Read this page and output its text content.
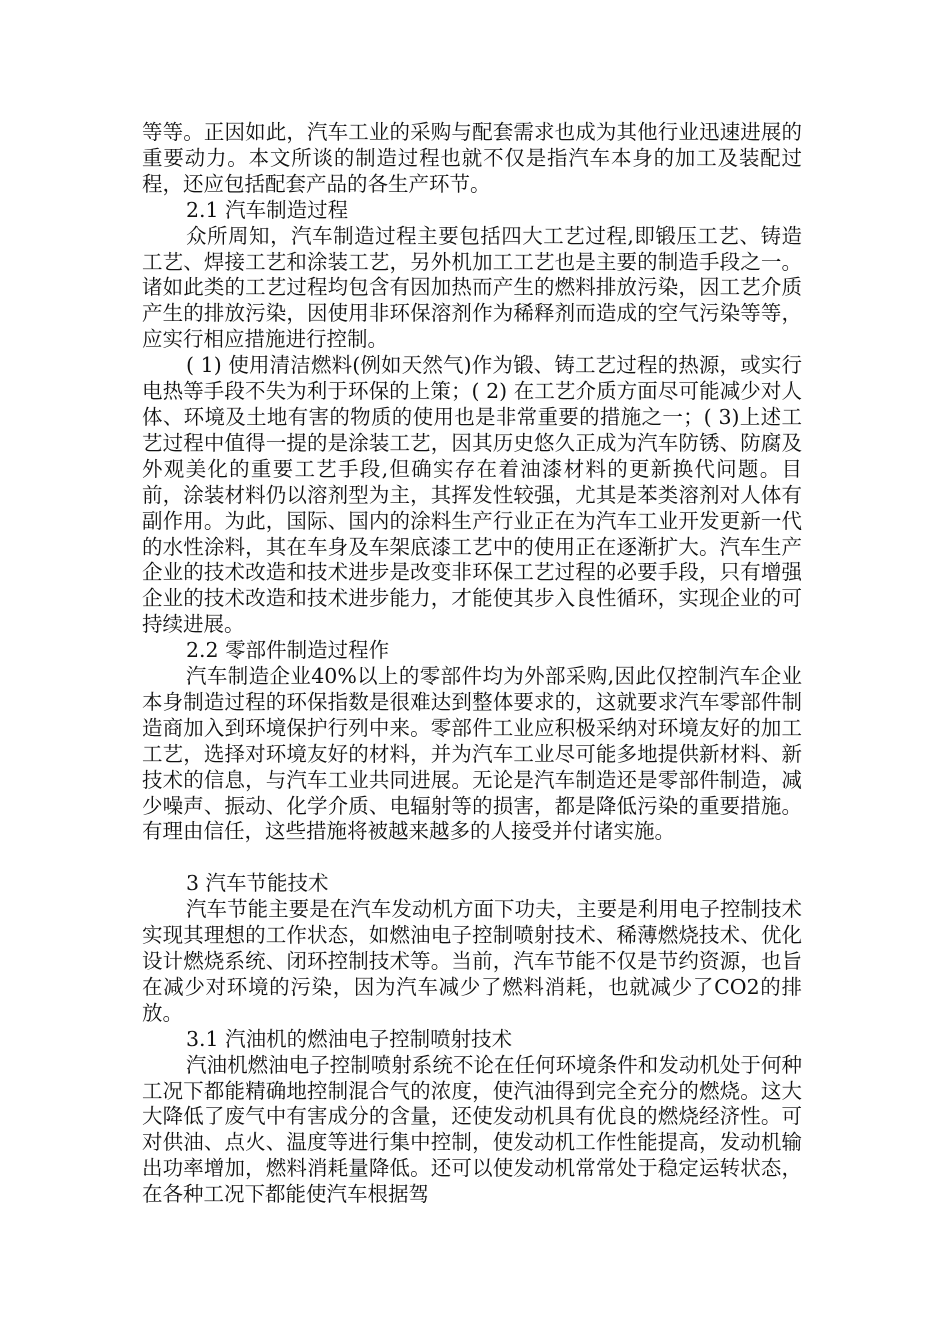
等等。正因如此，汽车工业的采购与配套需求也成为其他行业迅速进展的重要动力。本文所谈的制造过程也就不仅是指汽车本身的加工及装配过程，还应包括配套产品的各生产环节。

2.1 汽车制造过程

众所周知，汽车制造过程主要包括四大工艺过程,即锻压工艺、铸造工艺、焊接工艺和涂装工艺，另外机加工工艺也是主要的制造手段之一。诸如此类的工艺过程均包含有因加热而产生的燃料排放污染，因工艺介质产生的排放污染，因使用非环保溶剂作为稀释剂而造成的空气污染等等，应实行相应措施进行控制。

( 1) 使用清洁燃料(例如天然气)作为锻、铸工艺过程的热源，或实行电热等手段不失为利于环保的上策；( 2) 在工艺介质方面尽可能减少对人体、环境及土地有害的物质的使用也是非常重要的措施之一；( 3)上述工艺过程中值得一提的是涂装工艺，因其历史悠久正成为汽车防锈、防腐及外观美化的重要工艺手段,但确实存在着油漆材料的更新换代问题。目前，涂装材料仍以溶剂型为主，其挥发性较强，尤其是苯类溶剂对人体有副作用。为此，国际、国内的涂料生产行业正在为汽车工业开发更新一代的水性涂料，其在车身及车架底漆工艺中的使用正在逐渐扩大。汽车生产企业的技术改造和技术进步是改变非环保工艺过程的必要手段，只有增强企业的技术改造和技术进步能力，才能使其步入良性循环，实现企业的可持续进展。

2.2 零部件制造过程作

汽车制造企业40%以上的零部件均为外部采购,因此仅控制汽车企业本身制造过程的环保指数是很难达到整体要求的，这就要求汽车零部件制造商加入到环境保护行列中来。零部件工业应积极采纳对环境友好的加工工艺，选择对环境友好的材料，并为汽车工业尽可能多地提供新材料、新技术的信息，与汽车工业共同进展。无论是汽车制造还是零部件制造，减少噪声、振动、化学介质、电辐射等的损害，都是降低污染的重要措施。有理由信任，这些措施将被越来越多的人接受并付诸实施。

3 汽车节能技术

汽车节能主要是在汽车发动机方面下功夫，主要是利用电子控制技术实现其理想的工作状态，如燃油电子控制喷射技术、稀薄燃烧技术、优化设计燃烧系统、闭环控制技术等。当前，汽车节能不仅是节约资源，也旨在减少对环境的污染，因为汽车减少了燃料消耗，也就减少了CO2的排放。

3.1 汽油机的燃油电子控制喷射技术

汽油机燃油电子控制喷射系统不论在任何环境条件和发动机处于何种工况下都能精确地控制混合气的浓度，使汽油得到完全充分的燃烧。这大大降低了废气中有害成分的含量，还使发动机具有优良的燃烧经济性。可对供油、点火、温度等进行集中控制，使发动机工作性能提高，发动机输出功率增加，燃料消耗量降低。还可以使发动机常常处于稳定运转状态，在各种工况下都能使汽车根据驾
